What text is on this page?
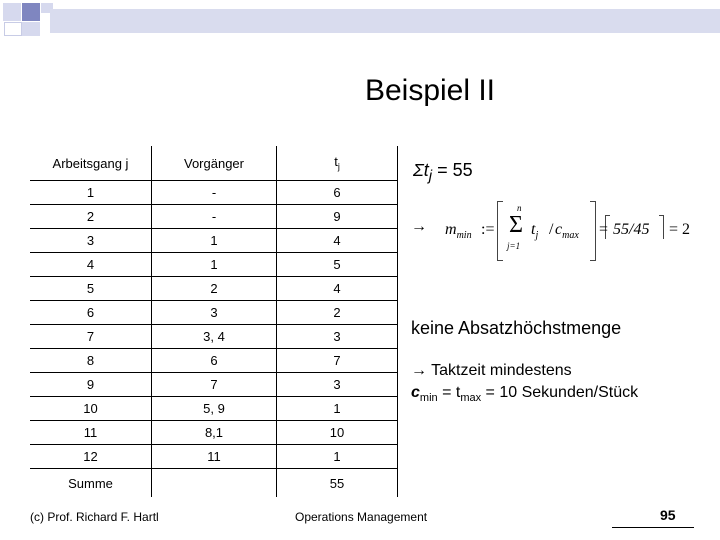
Beispiel II
Arbeitsgang j	Vorgänger	$t_j$
1	-	6
2	-	9
3	1	4
4	1	5
5	2	4
6	3	2
7	3, 4	3
8	6	7
9	7	3
10	5, 9	1
11	8,1	10
12	11	1
Summe		55
$\Sigma t_j = 55$
→ $m_{min}$ :=
n
Σ
j=1
$t_j / c_{max} = 55/45 = 2$
keine Absatzhöchstmenge
→ Taktzeit mindestens
$c_{min} = t_{max} = 10$ Sekunden/Stück
(c) Prof. Richard F. Hartl	Operations Management	95
